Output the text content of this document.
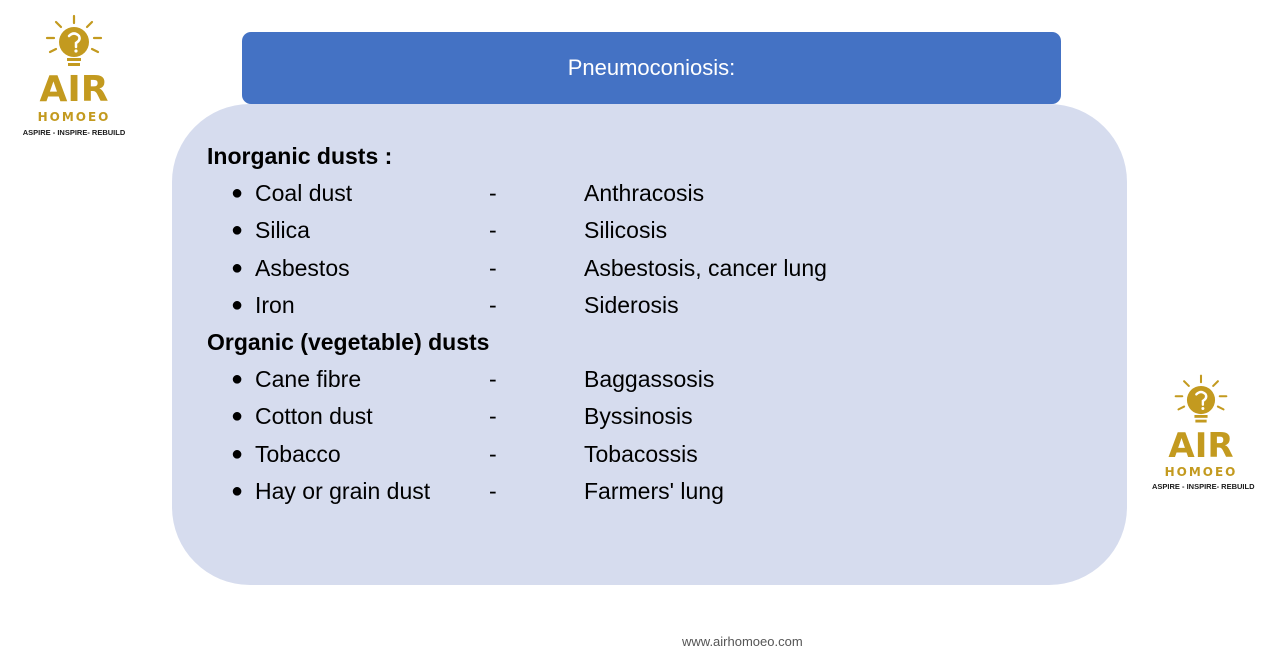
AIR
HOMOEO
ASPIRE - INSPIRE- REBUILD
AIR
HOMOEO
ASPIRE - INSPIRE- REBUILD
Pneumoconiosis:
Inorganic dusts :
● Coal dust	-	Anthracosis
● Silica	-	Silicosis
● Asbestos	-	Asbestosis, cancer lung
● Iron	-	Siderosis
Organic (vegetable) dusts
● Cane fibre	-	Baggassosis
● Cotton dust	-	Byssinosis
● Tobacco	-	Tobacossis
● Hay or grain dust	-	Farmers' lung
www.airhomoeo.com
